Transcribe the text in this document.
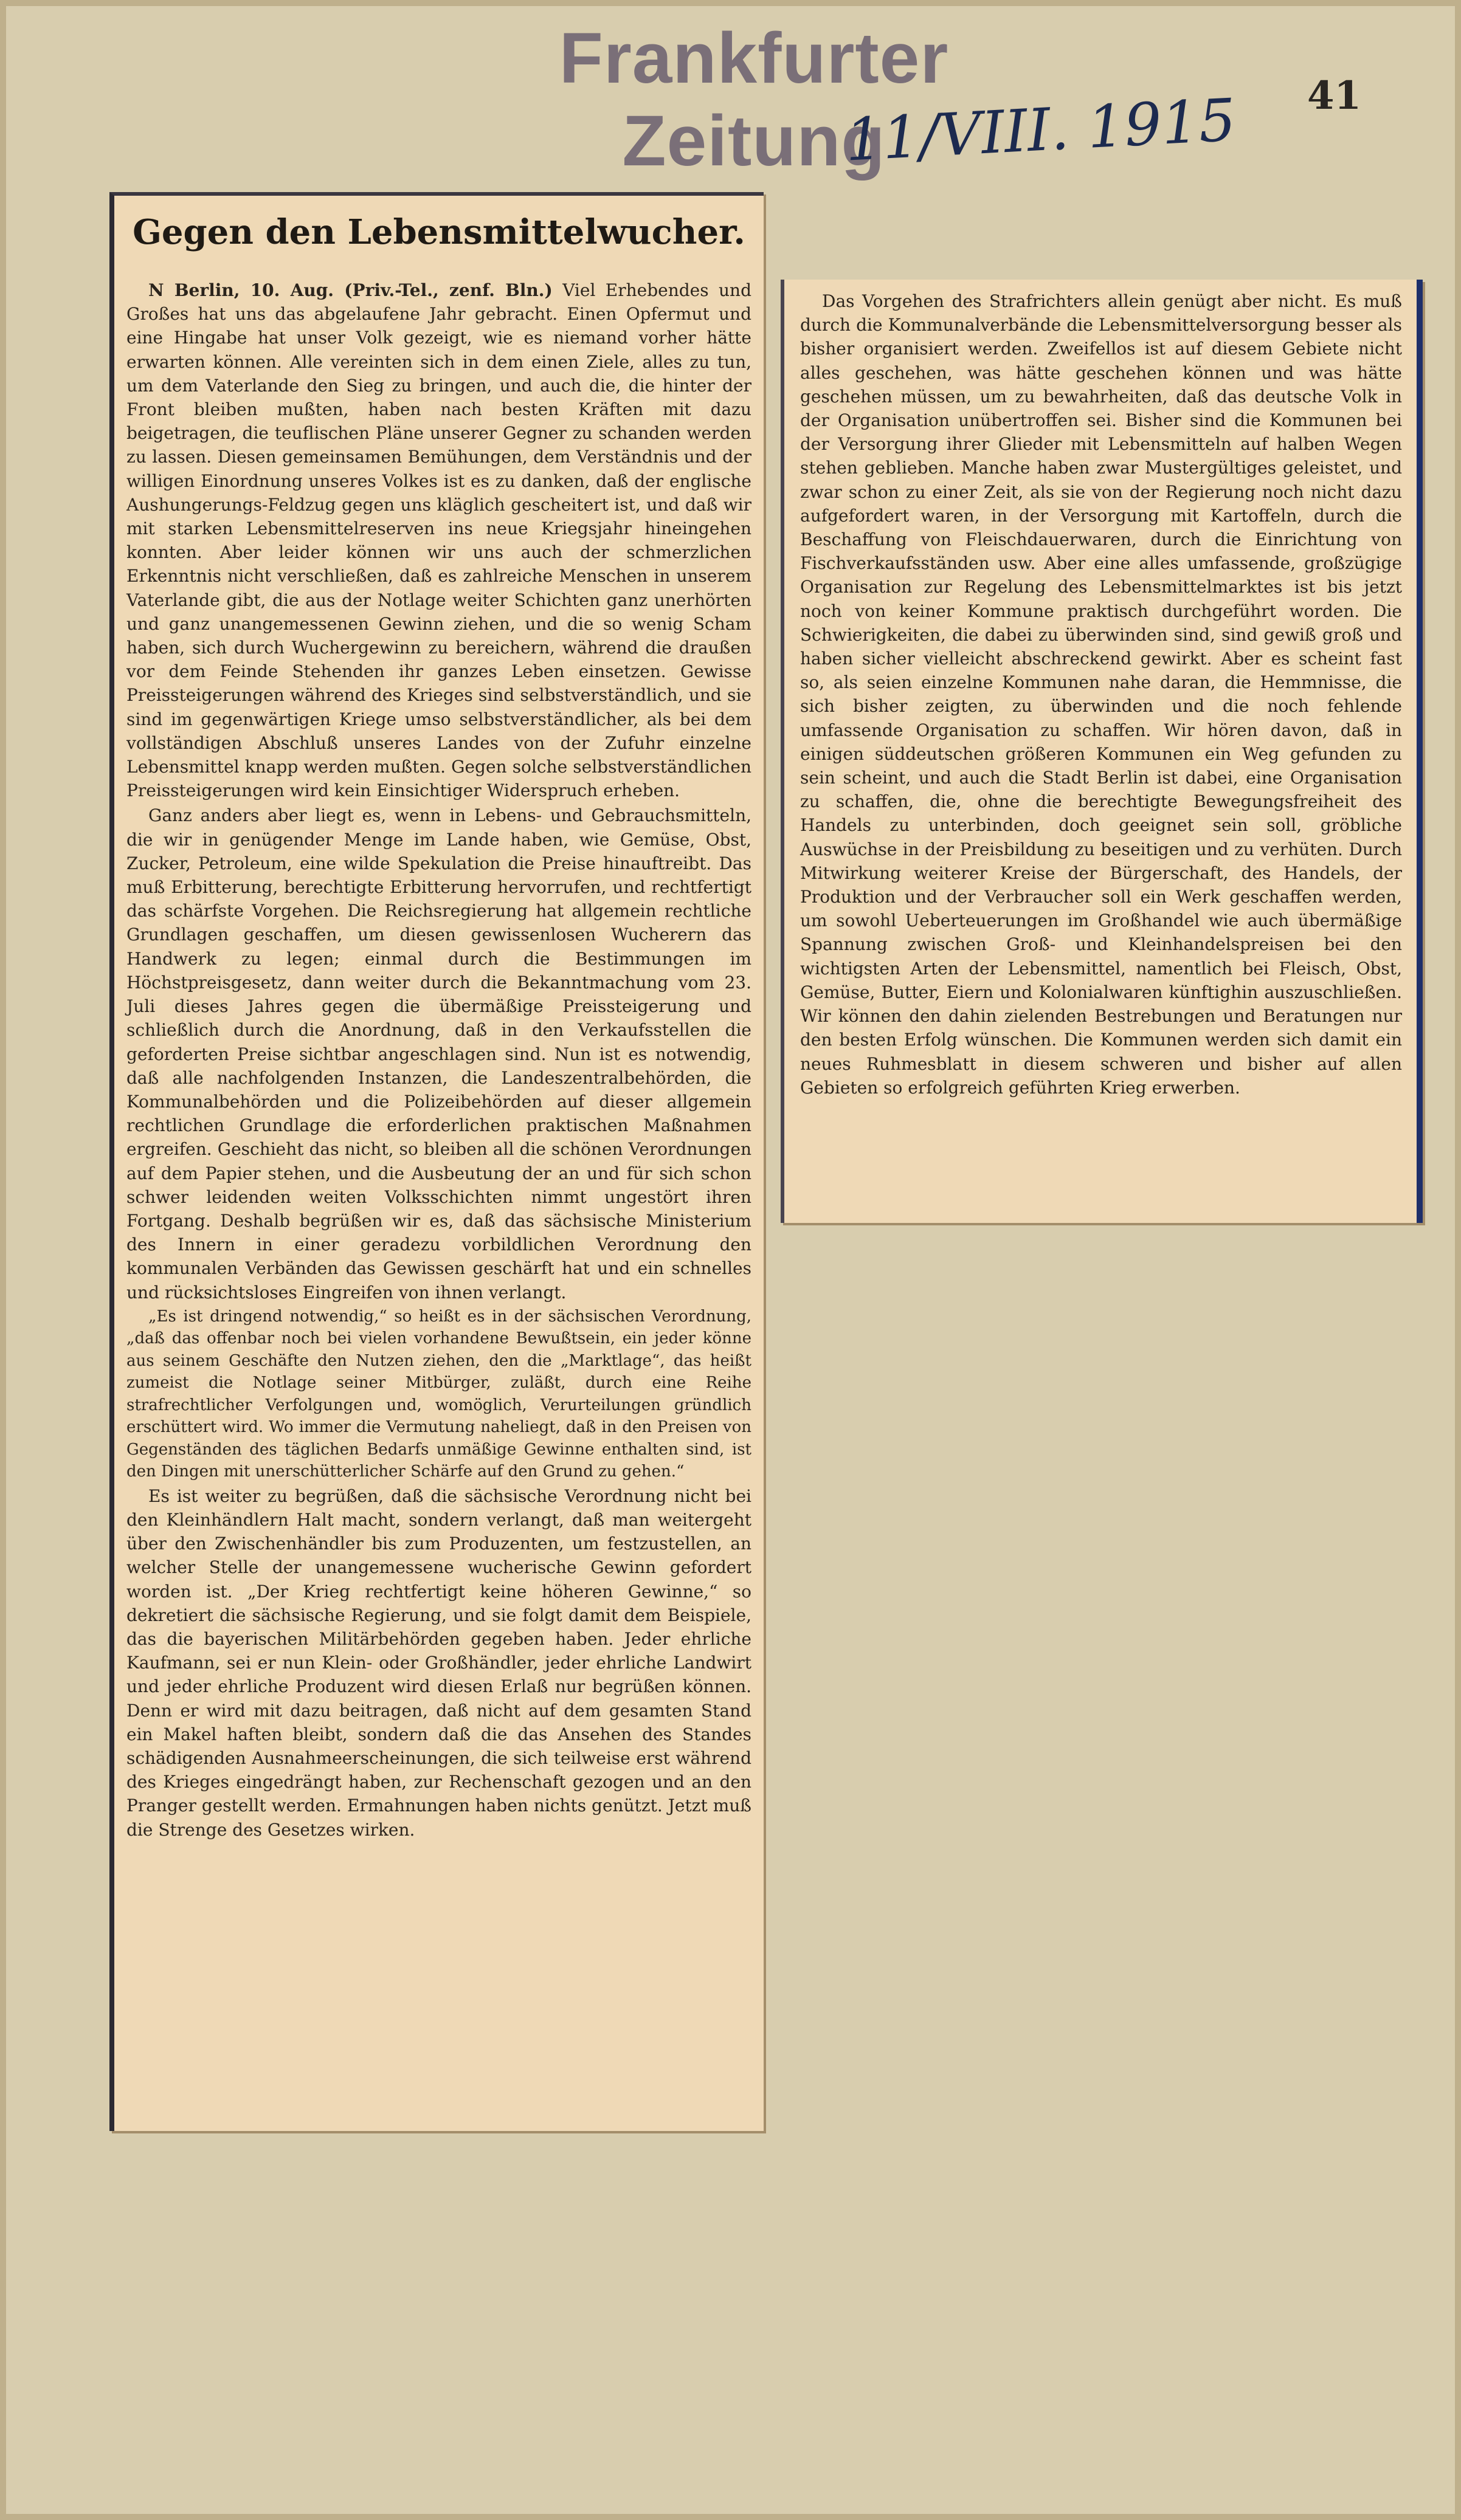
Frankfurter Zeitung
41
11/VIII. 1915
Gegen den Lebensmittelwucher.

N Berlin, 10. Aug. (Priv.-Tel., zenf. Bln.) Viel Erhebendes und Großes hat uns das abgelaufene Jahr gebracht. Einen Opfermut und eine Hingabe hat unser Volk gezeigt, wie es niemand vorher hätte erwarten können. Alle vereinten sich in dem einen Ziele, alles zu tun, um dem Vaterlande den Sieg zu bringen, und auch die, die hinter der Front bleiben mußten, haben nach besten Kräften mit dazu beigetragen, die teuflischen Pläne unserer Gegner zu schanden werden zu lassen. Diesen gemeinsamen Bemühungen, dem Verständnis und der willigen Einordnung unseres Volkes ist es zu danken, daß der englische Aushungerungs-Feldzug gegen uns kläglich gescheitert ist, und daß wir mit starken Lebensmittelreserven ins neue Kriegsjahr hineingehen konnten. Aber leider können wir uns auch der schmerzlichen Erkenntnis nicht verschließen, daß es zahlreiche Menschen in unserem Vaterlande gibt, die aus der Notlage weiter Schichten ganz unerhörten und ganz unangemessenen Gewinn ziehen, und die so wenig Scham haben, sich durch Wuchergewinn zu bereichern, während die draußen vor dem Feinde Stehenden ihr ganzes Leben einsetzen. Gewisse Preissteigerungen während des Krieges sind selbstverständlich, und sie sind im gegenwärtigen Kriege umso selbstverständlicher, als bei dem vollständigen Abschluß unseres Landes von der Zufuhr einzelne Lebensmittel knapp werden mußten. Gegen solche selbstverständlichen Preissteigerungen wird kein Einsichtiger Widerspruch erheben.

Ganz anders aber liegt es, wenn in Lebens- und Gebrauchsmitteln, die wir in genügender Menge im Lande haben, wie Gemüse, Obst, Zucker, Petroleum, eine wilde Spekulation die Preise hinauftreibt. Das muß Erbitterung, berechtigte Erbitterung hervorrufen, und rechtfertigt das schärfste Vorgehen. Die Reichsregierung hat allgemein rechtliche Grundlagen geschaffen, um diesen gewissenlosen Wucherern das Handwerk zu legen; einmal durch die Bestimmungen im Höchstpreisgesetz, dann weiter durch die Bekanntmachung vom 23. Juli dieses Jahres gegen die übermäßige Preissteigerung und schließlich durch die Anordnung, daß in den Verkaufsstellen die geforderten Preise sichtbar angeschlagen sind. Nun ist es notwendig, daß alle nachfolgenden Instanzen, die Landeszentralbehörden, die Kommunalbehörden und die Polizeibehörden auf dieser allgemein rechtlichen Grundlage die erforderlichen praktischen Maßnahmen ergreifen. Geschieht das nicht, so bleiben all die schönen Verordnungen auf dem Papier stehen, und die Ausbeutung der an und für sich schon schwer leidenden weiten Volksschichten nimmt ungestört ihren Fortgang. Deshalb begrüßen wir es, daß das sächsische Ministerium des Innern in einer geradezu vorbildlichen Verordnung den kommunalen Verbänden das Gewissen geschärft hat und ein schnelles und rücksichtsloses Eingreifen von ihnen verlangt.

„Es ist dringend notwendig,“ so heißt es in der sächsischen Verordnung, „daß das offenbar noch bei vielen vorhandene Bewußtsein, ein jeder könne aus seinem Geschäfte den Nutzen ziehen, den die „Marktlage“, das heißt zumeist die Notlage seiner Mitbürger, zuläßt, durch eine Reihe strafrechtlicher Verfolgungen und, womöglich, Verurteilungen gründlich erschüttert wird. Wo immer die Vermutung naheliegt, daß in den Preisen von Gegenständen des täglichen Bedarfs unmäßige Gewinne enthalten sind, ist den Dingen mit unerschütterlicher Schärfe auf den Grund zu gehen.“

Es ist weiter zu begrüßen, daß die sächsische Verordnung nicht bei den Kleinhändlern Halt macht, sondern verlangt, daß man weitergeht über den Zwischenhändler bis zum Produzenten, um festzustellen, an welcher Stelle der unangemessene wucherische Gewinn gefordert worden ist. „Der Krieg rechtfertigt keine höheren Gewinne,“ so dekretiert die sächsische Regierung, und sie folgt damit dem Beispiele, das die bayerischen Militärbehörden gegeben haben. Jeder ehrliche Kaufmann, sei er nun Klein- oder Großhändler, jeder ehrliche Landwirt und jeder ehrliche Produzent wird diesen Erlaß nur begrüßen können. Denn er wird mit dazu beitragen, daß nicht auf dem gesamten Stand ein Makel haften bleibt, sondern daß die das Ansehen des Standes schädigenden Ausnahmeerscheinungen, die sich teilweise erst während des Krieges eingedrängt haben, zur Rechenschaft gezogen und an den Pranger gestellt werden. Ermahnungen haben nichts genützt. Jetzt muß die Strenge des Gesetzes wirken.

Das Vorgehen des Strafrichters allein genügt aber nicht. Es muß durch die Kommunalverbände die Lebensmittelversorgung besser als bisher organisiert werden. Zweifellos ist auf diesem Gebiete nicht alles geschehen, was hätte geschehen können und was hätte geschehen müssen, um zu bewahrheiten, daß das deutsche Volk in der Organisation unübertroffen sei. Bisher sind die Kommunen bei der Versorgung ihrer Glieder mit Lebensmitteln auf halben Wegen stehen geblieben. Manche haben zwar Mustergültiges geleistet, und zwar schon zu einer Zeit, als sie von der Regierung noch nicht dazu aufgefordert waren, in der Versorgung mit Kartoffeln, durch die Beschaffung von Fleischdauerwaren, durch die Einrichtung von Fischverkaufsständen usw. Aber eine alles umfassende, großzügige Organisation zur Regelung des Lebensmittelmarktes ist bis jetzt noch von keiner Kommune praktisch durchgeführt worden. Die Schwierigkeiten, die dabei zu überwinden sind, sind gewiß groß und haben sicher vielleicht abschreckend gewirkt. Aber es scheint fast so, als seien einzelne Kommunen nahe daran, die Hemmnisse, die sich bisher zeigten, zu überwinden und die noch fehlende umfassende Organisation zu schaffen. Wir hören davon, daß in einigen süddeutschen größeren Kommunen ein Weg gefunden zu sein scheint, und auch die Stadt Berlin ist dabei, eine Organisation zu schaffen, die, ohne die berechtigte Bewegungsfreiheit des Handels zu unterbinden, doch geeignet sein soll, gröbliche Auswüchse in der Preisbildung zu beseitigen und zu verhüten. Durch Mitwirkung weiterer Kreise der Bürgerschaft, des Handels, der Produktion und der Verbraucher soll ein Werk geschaffen werden, um sowohl Ueberteuerungen im Großhandel wie auch übermäßige Spannung zwischen Groß- und Kleinhandelspreisen bei den wichtigsten Arten der Lebensmittel, namentlich bei Fleisch, Obst, Gemüse, Butter, Eiern und Kolonialwaren künftighin auszuschließen. Wir können den dahin zielenden Bestrebungen und Beratungen nur den besten Erfolg wünschen. Die Kommunen werden sich damit ein neues Ruhmesblatt in diesem schweren und bisher auf allen Gebieten so erfolgreich geführten Krieg erwerben.
